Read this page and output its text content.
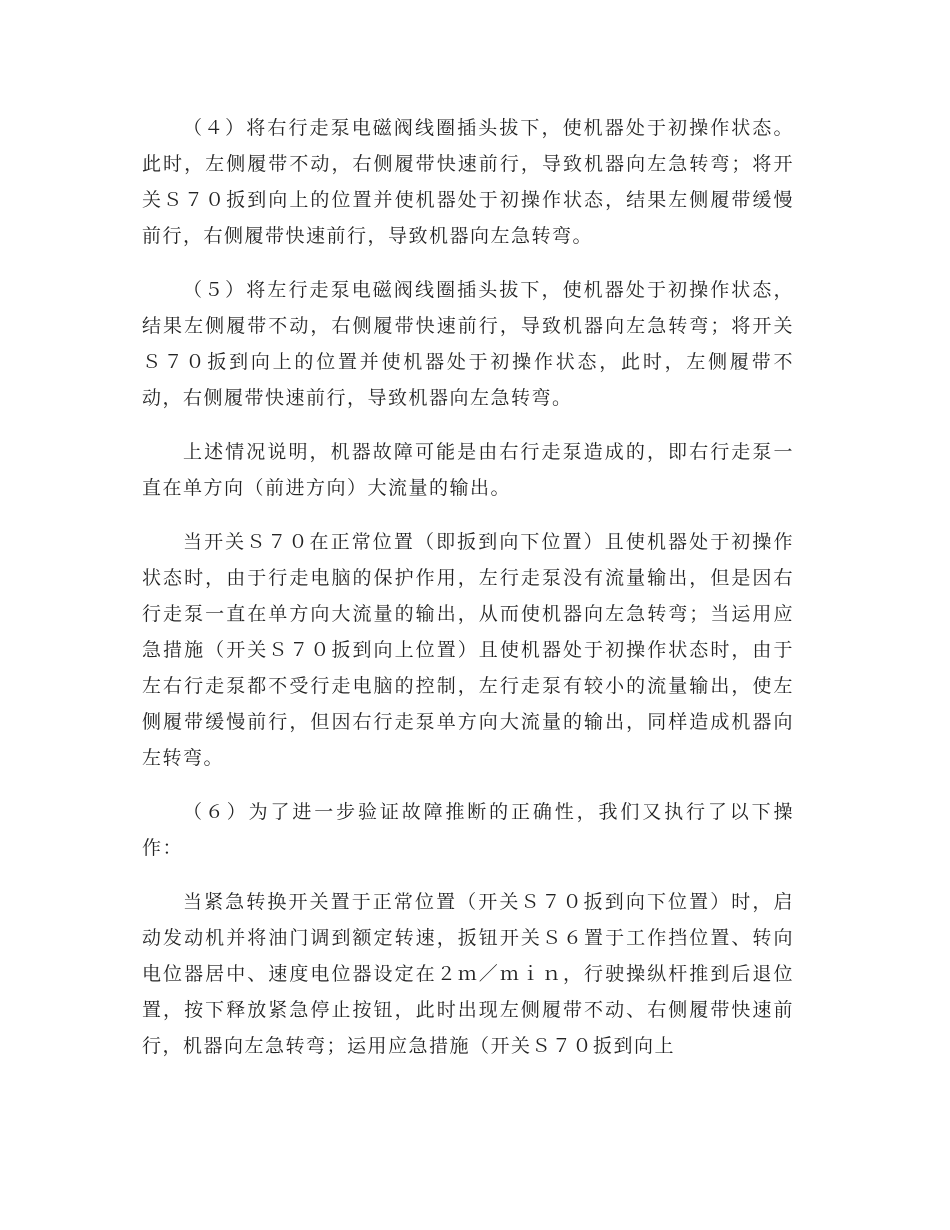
（４）将右行走泵电磁阀线圈插头拔下，使机器处于初操作状态。此时，左侧履带不动，右侧履带快速前行，导致机器向左急转弯；将开关Ｓ７０扳到向上的位置并使机器处于初操作状态，结果左侧履带缓慢前行，右侧履带快速前行，导致机器向左急转弯。

（５）将左行走泵电磁阀线圈插头拔下，使机器处于初操作状态，结果左侧履带不动，右侧履带快速前行，导致机器向左急转弯；将开关Ｓ７０扳到向上的位置并使机器处于初操作状态，此时，左侧履带不动，右侧履带快速前行，导致机器向左急转弯。

上述情况说明，机器故障可能是由右行走泵造成的，即右行走泵一直在单方向（前进方向）大流量的输出。

当开关Ｓ７０在正常位置（即扳到向下位置）且使机器处于初操作状态时，由于行走电脑的保护作用，左行走泵没有流量输出，但是因右行走泵一直在单方向大流量的输出，从而使机器向左急转弯；当运用应急措施（开关Ｓ７０扳到向上位置）且使机器处于初操作状态时，由于左右行走泵都不受行走电脑的控制，左行走泵有较小的流量输出，使左侧履带缓慢前行，但因右行走泵单方向大流量的输出，同样造成机器向左转弯。

（６）为了进一步验证故障推断的正确性，我们又执行了以下操作：

当紧急转换开关置于正常位置（开关Ｓ７０扳到向下位置）时，启动发动机并将油门调到额定转速，扳钮开关Ｓ６置于工作挡位置、转向电位器居中、速度电位器设定在２ｍ／ｍｉｎ，行驶操纵杆推到后退位置，按下释放紧急停止按钮，此时出现左侧履带不动、右侧履带快速前行，机器向左急转弯；运用应急措施（开关Ｓ７０扳到向上
